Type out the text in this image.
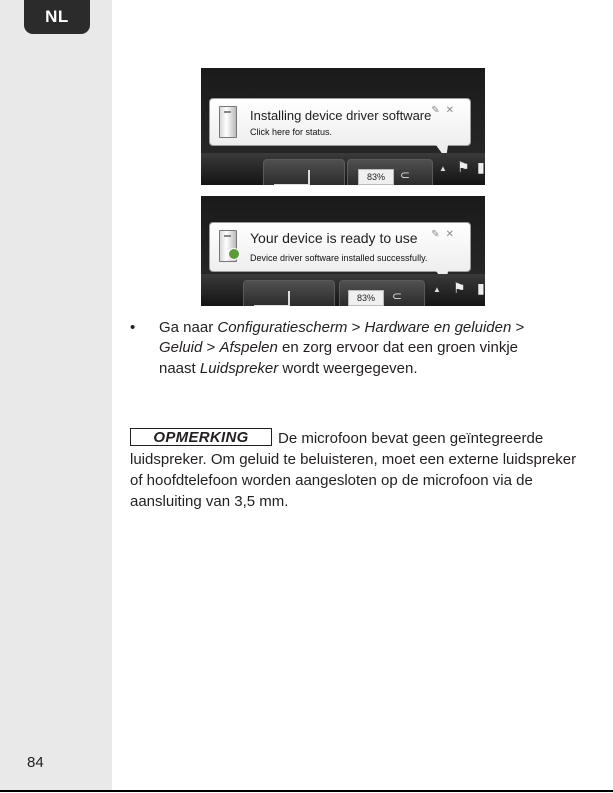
NL
84
Installing device driver software
Click here for status.
✎✕
83%	⊂	▲ ⚑ ▮
Your device is ready to use
Device driver software installed successfully.
✎✕
83%	⊂	▲ ⚑ ▮
• Ga naar Configuratiescherm > Hardware en geluiden > Geluid > Afspelen en zorg ervoor dat een groen vinkje naast Luidspreker wordt weergegeven.
OPMERKING De microfoon bevat geen geïntegreerde luidspreker. Om geluid te beluisteren, moet een externe luidspreker of hoofdtelefoon worden aangesloten op de microfoon via de aansluiting van 3,5 mm.
